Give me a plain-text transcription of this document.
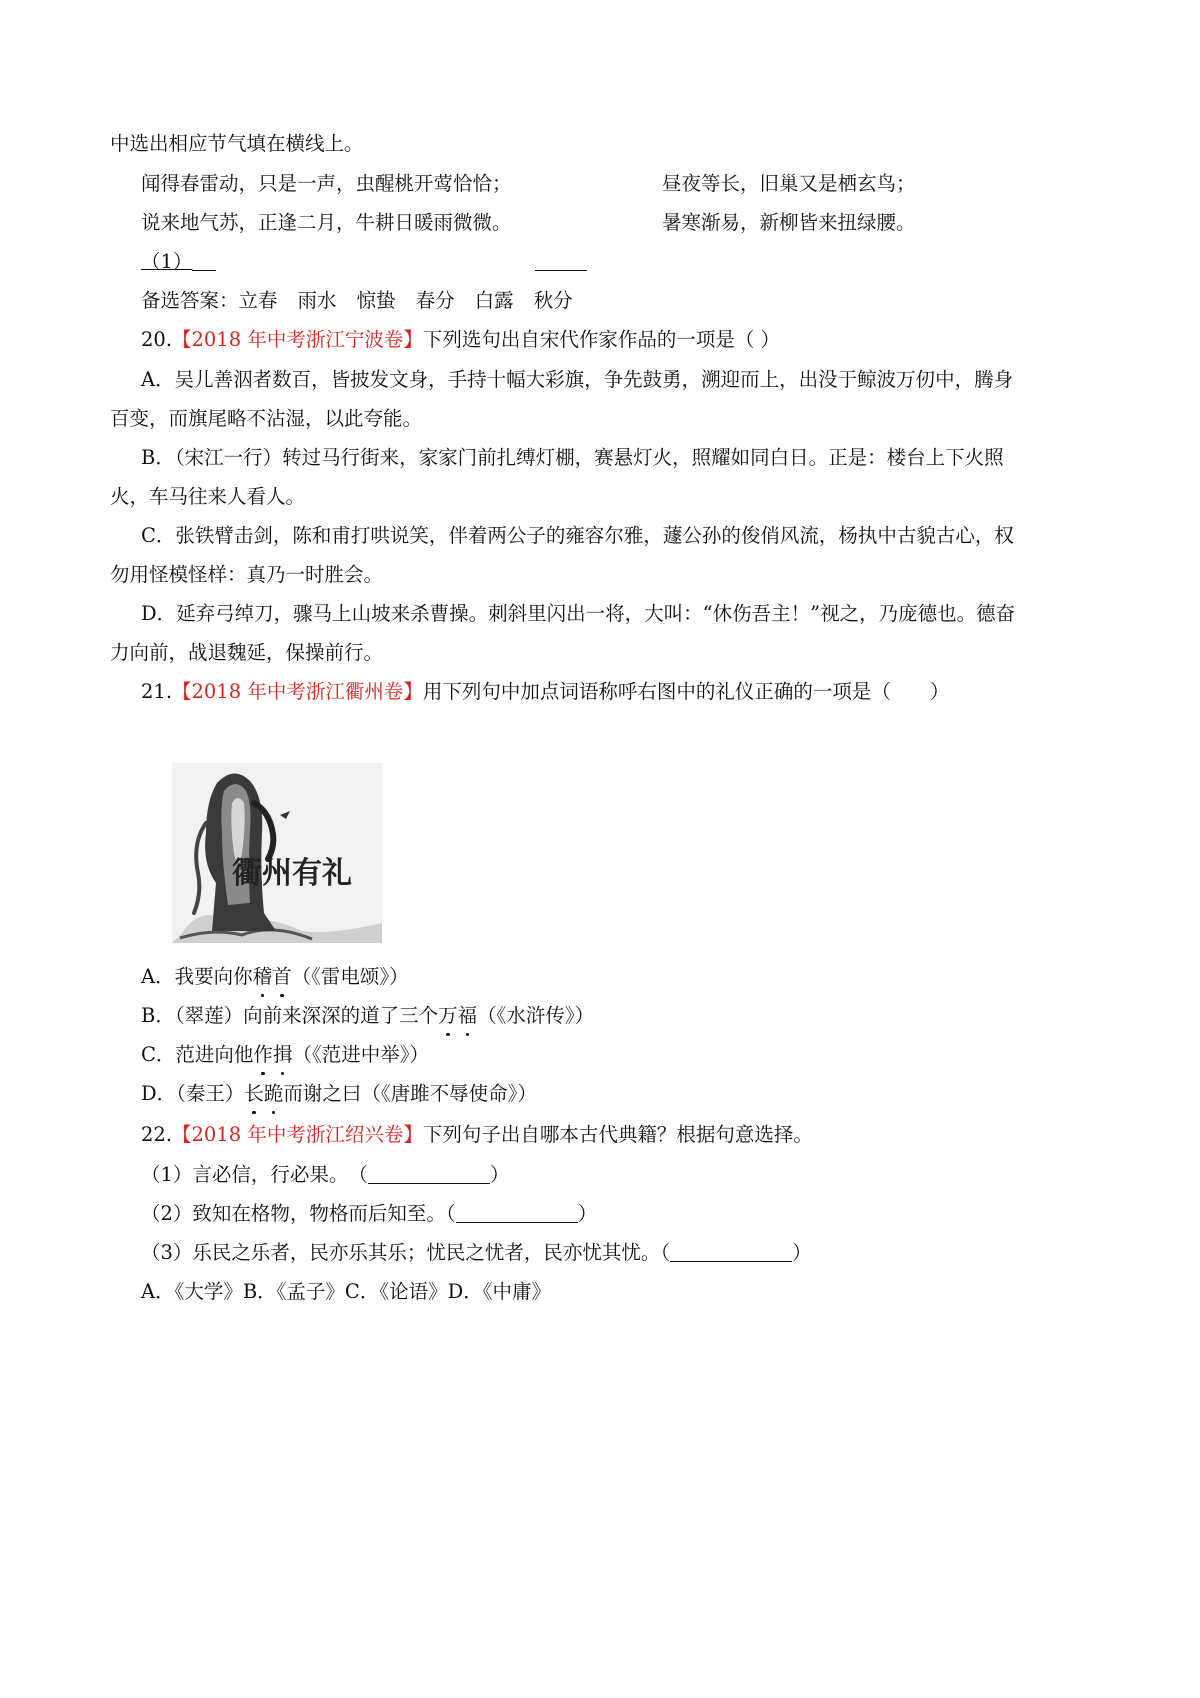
中选出相应节气填在横线上。
闻得春雷动，只是一声，虫醒桃开莺恰恰；	昼夜等长，旧巢又是栖玄鸟；
说来地气苏，正逢二月，牛耕日暖雨微微。	暑寒渐易，新柳皆来扭绿腰。
（1）
备选答案：立春 雨水 惊蛰 春分 白露 秋分
20.【2018 年中考浙江宁波卷】下列选句出自宋代作家作品的一项是（ ）
A．吴儿善泅者数百，皆披发文身，手持十幅大彩旗，争先鼓勇，溯迎而上，出没于鲸波万仞中，腾身
百变，而旗尾略不沾湿，以此夸能。
B．（宋江一行）转过马行街来，家家门前扎缚灯棚，赛悬灯火，照耀如同白日。正是：楼台上下火照
火，车马往来人看人。
C．张铁臂击剑，陈和甫打哄说笑，伴着两公子的雍容尔雅，蘧公孙的俊俏风流，杨执中古貌古心，权
勿用怪模怪样：真乃一时胜会。
D．延弃弓绰刀，骤马上山坡来杀曹操。刺斜里闪出一将，大叫：“休伤吾主！”视之，乃庞德也。德奋
力向前，战退魏延，保操前行。
21.【2018 年中考浙江衢州卷】用下列句中加点词语称呼右图中的礼仪正确的一项是（　　）
衢州有礼
A．我要向你稽首（《雷电颂》）
B．（翠莲）向前来深深的道了三个万福（《水浒传》）
C．范进向他作揖（《范进中举》）
D．（秦王）长跪而谢之曰（《唐雎不辱使命》）
22.【2018 年中考浙江绍兴卷】下列句子出自哪本古代典籍？根据句意选择。
（1）言必信，行必果。　（	）
（2）致知在格物，物格而后知至。（	）
（3）乐民之乐者，民亦乐其乐；忧民之忧者，民亦忧其忧。（	）
A．《大学》B．《孟子》C．《论语》D．《中庸》
